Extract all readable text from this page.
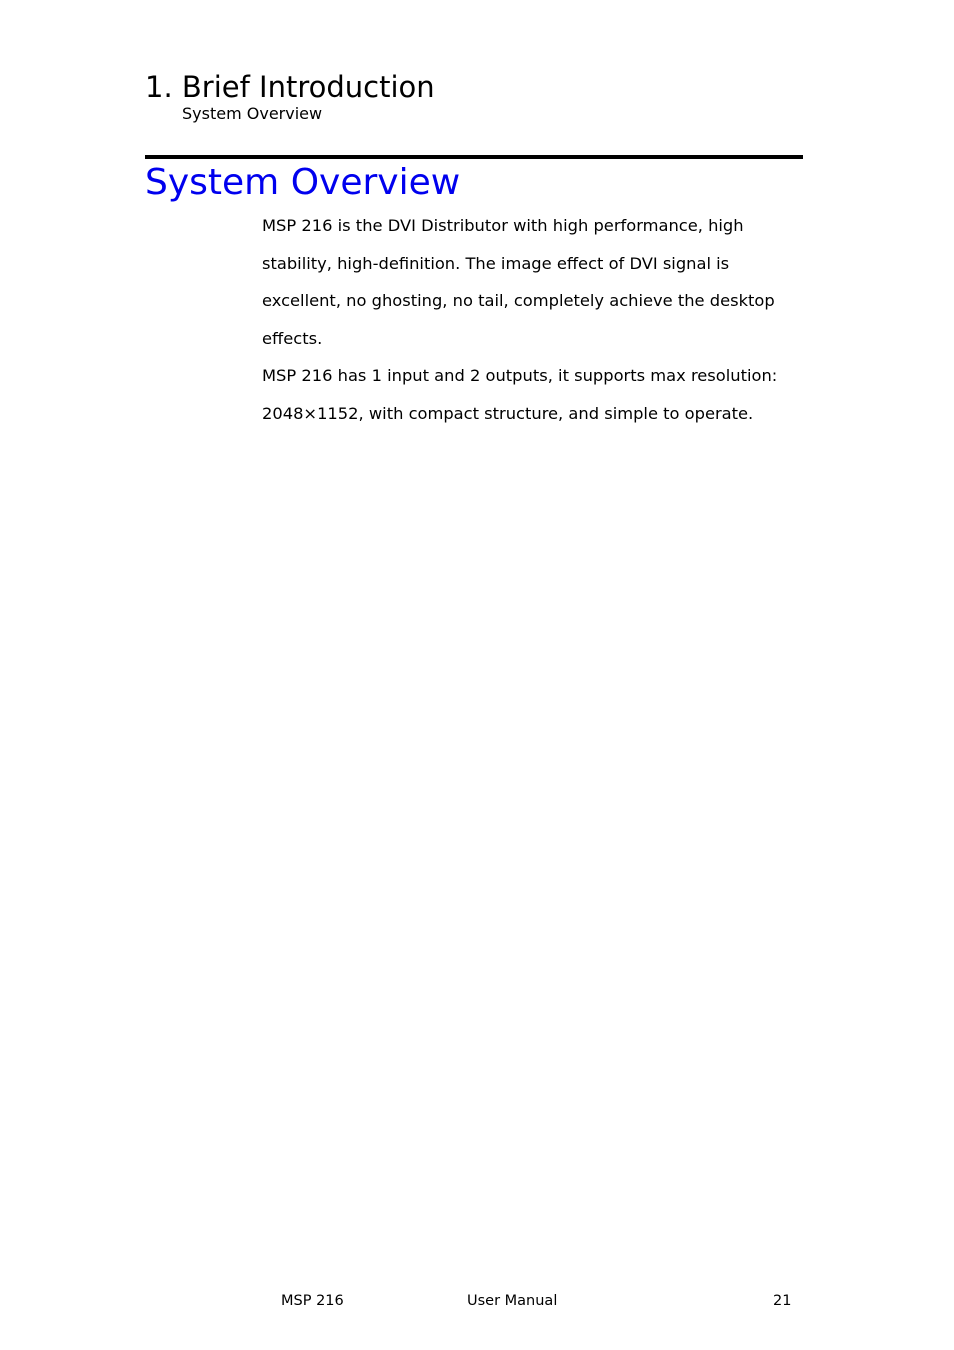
1. Brief Introduction
System Overview
System Overview
MSP 216 is the DVI Distributor with high performance, high
stability, high-definition. The image effect of DVI signal is
excellent, no ghosting, no tail, completely achieve the desktop
effects.
MSP 216 has 1 input and 2 outputs, it supports max resolution:
2048×1152, with compact structure, and simple to operate.
MSP 216	User Manual	21
